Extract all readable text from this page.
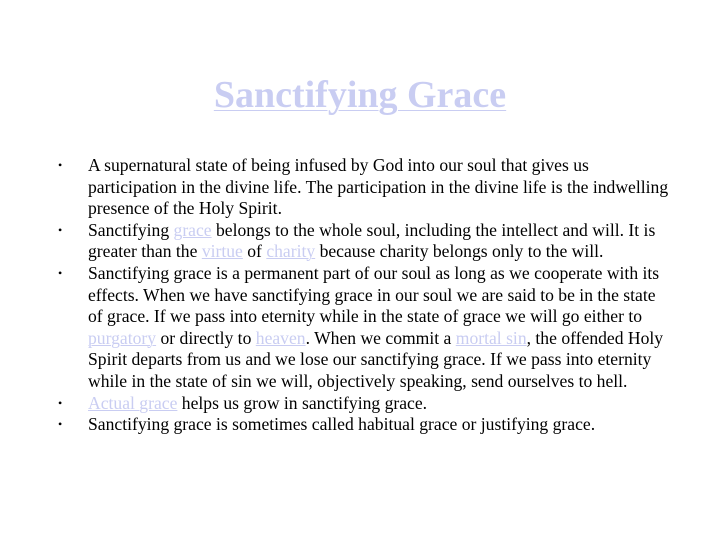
Sanctifying Grace
• A supernatural state of being infused by God into our soul that gives us participation in the divine life. The participation in the divine life is the indwelling presence of the Holy Spirit.
• Sanctifying grace belongs to the whole soul, including the intellect and will. It is greater than the virtue of charity because charity belongs only to the will.
• Sanctifying grace is a permanent part of our soul as long as we cooperate with its effects. When we have sanctifying grace in our soul we are said to be in the state of grace. If we pass into eternity while in the state of grace we will go either to purgatory or directly to heaven. When we commit a mortal sin, the offended Holy Spirit departs from us and we lose our sanctifying grace. If we pass into eternity while in the state of sin we will, objectively speaking, send ourselves to hell.
• Actual grace helps us grow in sanctifying grace.
• Sanctifying grace is sometimes called habitual grace or justifying grace.
